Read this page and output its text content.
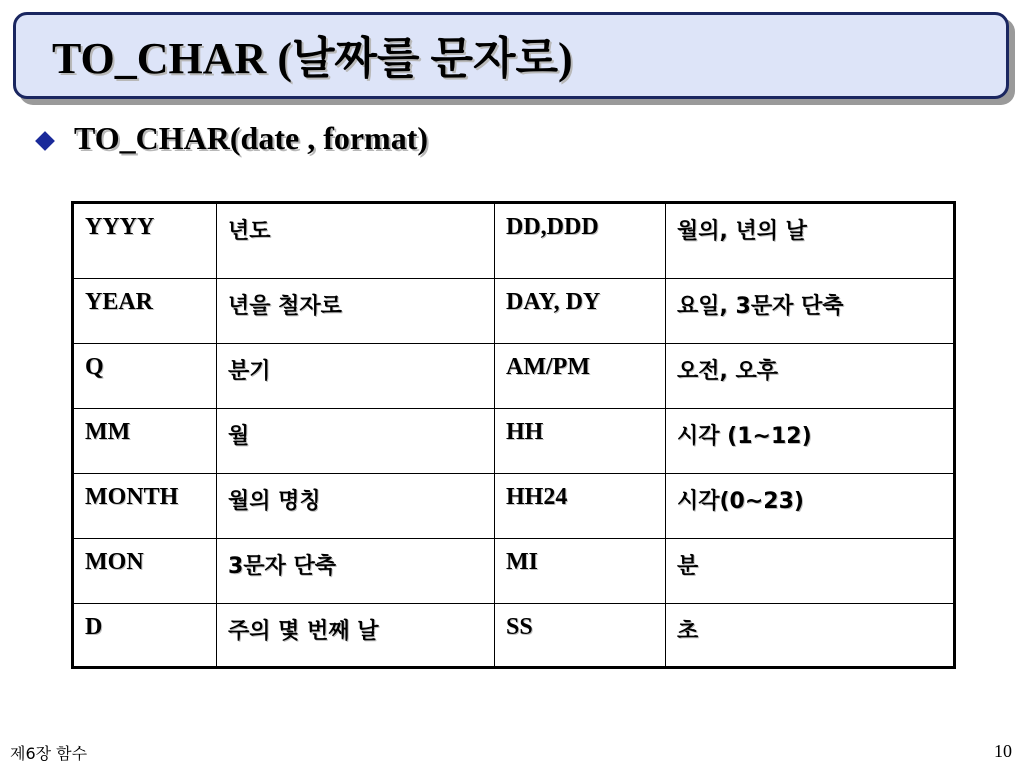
TO_CHAR (날짜를 문자로)
TO_CHAR(date , format)
YYYY	년도	DD,DDD	월의, 년의 날
YEAR	년을 철자로	DAY, DY	요일, 3문자 단축
Q	분기	AM/PM	오전, 오후
MM	월	HH	시각 (1~12)
MONTH	월의 명칭	HH24	시각(0~23)
MON	3문자 단축	MI	분
D	주의 몇 번째 날	SS	초
제6장 함수	10
